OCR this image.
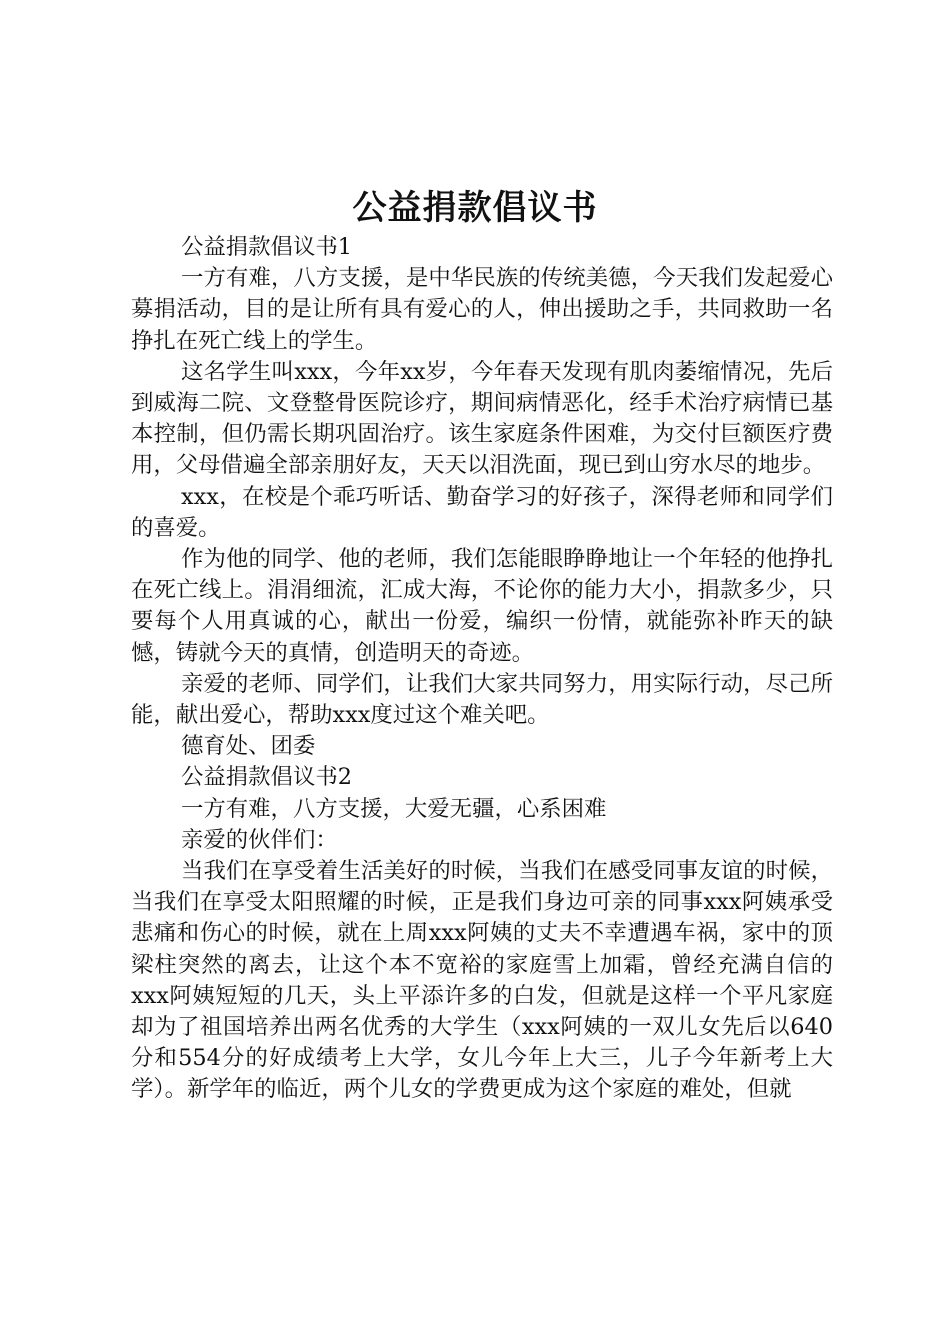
公益捐款倡议书

公益捐款倡议书1

一方有难，八方支援，是中华民族的传统美德，今天我们发起爱心募捐活动，目的是让所有具有爱心的人，伸出援助之手，共同救助一名挣扎在死亡线上的学生。

这名学生叫xxx，今年xx岁，今年春天发现有肌肉萎缩情况，先后到威海二院、文登整骨医院诊疗，期间病情恶化，经手术治疗病情已基本控制，但仍需长期巩固治疗。该生家庭条件困难，为交付巨额医疗费用，父母借遍全部亲朋好友，天天以泪洗面，现已到山穷水尽的地步。

xxx，在校是个乖巧听话、勤奋学习的好孩子，深得老师和同学们的喜爱。

作为他的同学、他的老师，我们怎能眼睁睁地让一个年轻的他挣扎在死亡线上。涓涓细流，汇成大海，不论你的能力大小，捐款多少，只要每个人用真诚的心，献出一份爱，编织一份情，就能弥补昨天的缺憾，铸就今天的真情，创造明天的奇迹。

亲爱的老师、同学们，让我们大家共同努力，用实际行动，尽己所能，献出爱心，帮助xxx度过这个难关吧。

德育处、团委

公益捐款倡议书2

一方有难，八方支援，大爱无疆，心系困难

亲爱的伙伴们：

当我们在享受着生活美好的时候，当我们在感受同事友谊的时候，当我们在享受太阳照耀的时候，正是我们身边可亲的同事xxx阿姨承受悲痛和伤心的时候，就在上周xxx阿姨的丈夫不幸遭遇车祸，家中的顶梁柱突然的离去，让这个本不宽裕的家庭雪上加霜，曾经充满自信的xxx阿姨短短的几天，头上平添许多的白发，但就是这样一个平凡家庭却为了祖国培养出两名优秀的大学生（xxx阿姨的一双儿女先后以640分和554分的好成绩考上大学，女儿今年上大三，儿子今年新考上大学）。新学年的临近，两个儿女的学费更成为这个家庭的难处，但就
